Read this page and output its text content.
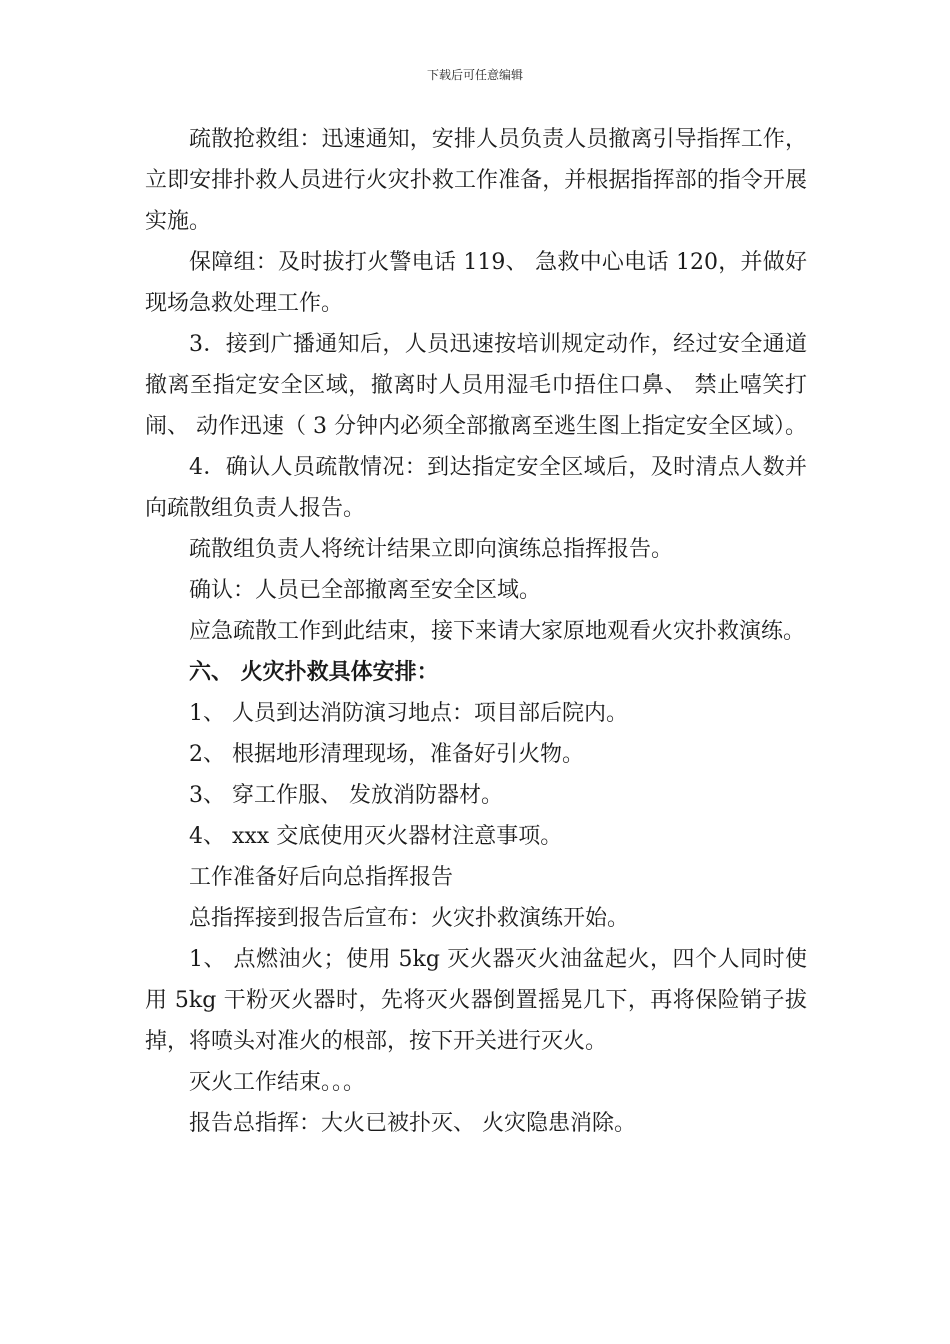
下载后可任意编辑

疏散抢救组：迅速通知，安排人员负责人员撤离引导指挥工作，立即安排扑救人员进行火灾扑救工作准备，并根据指挥部的指令开展实施。

保障组：及时拔打火警电话 119、 急救中心电话 120，并做好现场急救处理工作。

3．接到广播通知后，人员迅速按培训规定动作，经过安全通道撤离至指定安全区域，撤离时人员用湿毛巾捂住口鼻、 禁止嘻笑打闹、 动作迅速（ 3 分钟内必须全部撤离至逃生图上指定安全区域）。

4．确认人员疏散情况：到达指定安全区域后，及时清点人数并向疏散组负责人报告。

疏散组负责人将统计结果立即向演练总指挥报告。

确认：人员已全部撤离至安全区域。

应急疏散工作到此结束，接下来请大家原地观看火灾扑救演练。

六、 火灾扑救具体安排：

1、 人员到达消防演习地点：项目部后院内。

2、 根据地形清理现场，准备好引火物。

3、 穿工作服、 发放消防器材。

4、 xxx 交底使用灭火器材注意事项。

工作准备好后向总指挥报告

总指挥接到报告后宣布：火灾扑救演练开始。

1、 点燃油火；使用 5kg 灭火器灭火油盆起火，四个人同时使用 5kg 干粉灭火器时，先将灭火器倒置摇晃几下，再将保险销子拔掉，将喷头对准火的根部，按下开关进行灭火。

灭火工作结束。。。

报告总指挥：大火已被扑灭、 火灾隐患消除。
